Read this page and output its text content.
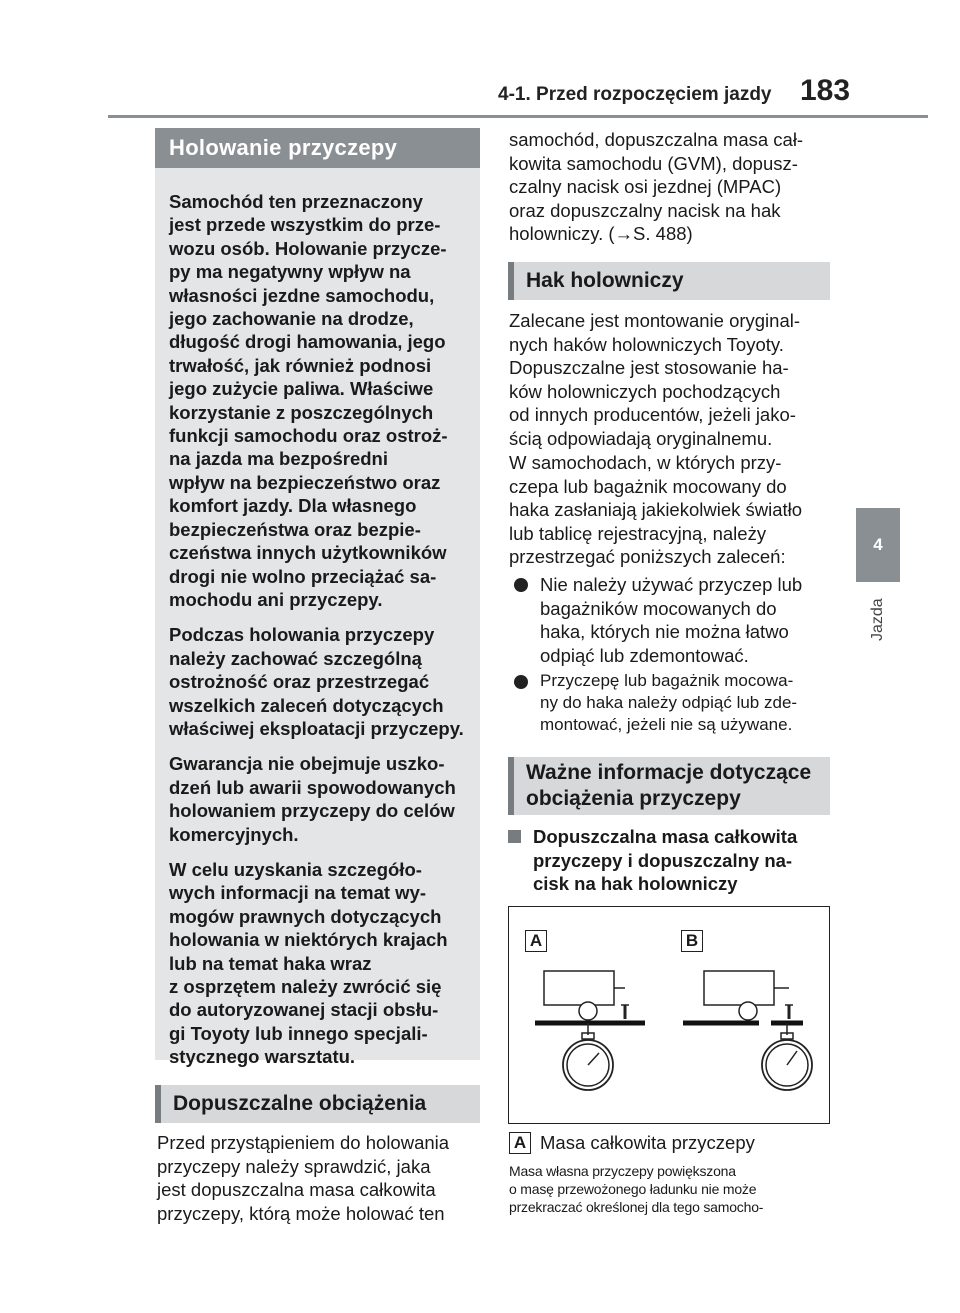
4-1. Przed rozpoczęciem jazdy 183
4
Jazda
Holowanie przyczepy

Samochód ten przeznaczony
jest przede wszystkim do prze-
wozu osób. Holowanie przycze-
py ma negatywny wpływ na
własności jezdne samochodu,
jego zachowanie na drodze,
długość drogi hamowania, jego
trwałość, jak również podnosi
jego zużycie paliwa. Właściwe
korzystanie z poszczególnych
funkcji samochodu oraz ostroż-
na jazda ma bezpośredni
wpływ na bezpieczeństwo oraz
komfort jazdy. Dla własnego
bezpieczeństwa oraz bezpie-
czeństwa innych użytkowników
drogi nie wolno przeciążać sa-
mochodu ani przyczepy.

Podczas holowania przyczepy
należy zachować szczególną
ostrożność oraz przestrzegać
wszelkich zaleceń dotyczących
właściwej eksploatacji przyczepy.

Gwarancja nie obejmuje uszko-
dzeń lub awarii spowodowanych
holowaniem przyczepy do celów
komercyjnych.

W celu uzyskania szczegóło-
wych informacji na temat wy-
mogów prawnych dotyczących
holowania w niektórych krajach
lub na temat haka wraz
z osprzętem należy zwrócić się
do autoryzowanej stacji obsłu-
gi Toyoty lub innego specjali-
stycznego warsztatu.

Dopuszczalne obciążenia
Przed przystąpieniem do holowania
przyczepy należy sprawdzić, jaka
jest dopuszczalna masa całkowita
przyczepy, którą może holować ten
samochód, dopuszczalna masa cał-
kowita samochodu (GVM), dopusz-
czalny nacisk osi jezdnej (MPAC)
oraz dopuszczalny nacisk na hak
holowniczy. (→S. 488)
Hak holowniczy
Zalecane jest montowanie oryginal-
nych haków holowniczych Toyoty.
Dopuszczalne jest stosowanie ha-
ków holowniczych pochodzących
od innych producentów, jeżeli jako-
ścią odpowiadają oryginalnemu.
W samochodach, w których przy-
czepa lub bagażnik mocowany do
haka zasłaniają jakiekolwiek światło
lub tablicę rejestracyjną, należy
przestrzegać poniższych zaleceń:
Nie należy używać przyczep lub
bagażników mocowanych do
haka, których nie można łatwo
odpiąć lub zdemontować.
Przyczepę lub bagażnik mocowa-
ny do haka należy odpiąć lub zde-
montować, jeżeli nie są używane.
Ważne informacje dotyczące
obciążenia przyczepy
Dopuszczalna masa całkowita
przyczepy i dopuszczalny na-
cisk na hak holowniczy
A	B
A Masa całkowita przyczepy
Masa własna przyczepy powiększona
o masę przewożonego ładunku nie może
przekraczać określonej dla tego samocho-
